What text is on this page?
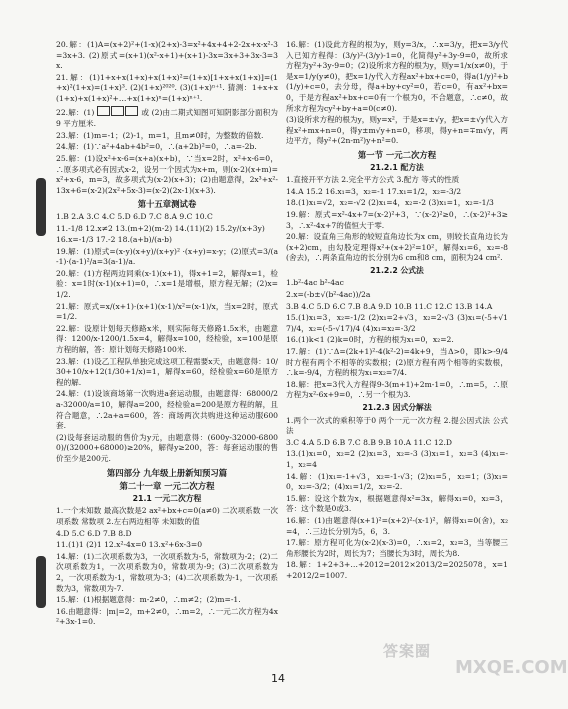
20.解：(1)A=(x+2)²+(1-x)(2+x)-3=x²+4x+4+2-2x+x-x²-3=3x+3. (2)原式=(x+1)(x²-x+1)+(x+1)-3x=3x+3+3x-3=3x.

21.解：(1)1+x+x(1+x)+x(1+x)²=(1+x)[1+x+x(1+x)]=(1+x)²(1+x)=(1+x)³. (2)(1+x)²⁰²⁰. (3)(1+x)ⁿ⁺¹. 猜测：1+x+x(1+x)+x(1+x)²+…+x(1+x)ⁿ=(1+x)ⁿ⁺¹.

22.解：(1)	或 (2)由二期式知图可知阴影部分面积为 9 平方厘米.

23.解：(1)m=-1；(2)-1，m=1，且m≠0时，为整数的倍数.

24.解：(1)∵a²+4ab+4b²=0，∴(a+2b)²=0，∴a=-2b.

25.解：(1)设x²+x-6=(x+a)(x+b)，∵当x=2时，x²+x-6=0，∴原多项式必有因式x-2，设另一个因式为x+m，则(x-2)(x+m)=x²+x-6，m=3，故多项式为(x-2)(x+3)；(2)由题意得，2x³+x²-13x+6=(x-2)(2x²+5x-3)=(x-2)(2x-1)(x+3).

第十五章测试卷

1.B 2.A 3.C 4.C 5.D 6.D 7.C 8.A 9.C 10.C

11.-1/8 12.x≠2 13.(m+2)(m-2) 14.(11)(2) 15.2y/(x+3y)

16.x=-1/3 17.-2 18.(a+b)/(a-b)

19.解：(1)原式=(x-y)(x+y)/(x+y)² ·(x+y)=x-y；(2)原式=3/(a-1)·(a-1)²/a=3(a-1)/a.

20.解：(1)方程两边同乘(x-1)(x+1)，得x+1=2，解得x=1，检验：x=1时(x-1)(x+1)=0，∴x=1是增根，原方程无解；(2)x=1/2.

21.解：原式=x/(x+1)·(x+1)(x-1)/x²=(x-1)/x，当x=2时，原式=1/2.

22.解：设原计划每天修路x米，则实际每天修路1.5x米，由题意得：1200/x-1200/1.5x=4，解得x=100，经检验，x=100是原方程的解，答：原计划每天修路100米.

23.解：(1)设乙工程队单独完成这项工程需要x天，由题意得：10/30+10/x+12(1/30+1/x)=1，解得x=60，经检验x=60是原方程的解.

24.解：(1)设该商场第一次购进a套运动服，由题意得：68000/2a-32000/a=10，解得a=200，经检验a=200是原方程的解，且符合题意，∴2a+a=600，答：商场两次共购进这种运动服600套.

(2)设每套运动服的售价为y元，由题意得：(600y-32000-68000)/(32000+68000)≥20%，解得y≥200，答：每套运动服的售价至少是200元.

第四部分 九年级上册新知预习篇
第二十一章 一元二次方程
21.1 一元二次方程

1.一个未知数 最高次数是2 ax²+bx+c=0(a≠0) 二次项系数 一次项系数 常数项 2.左右两边相等 未知数的值

4.D 5.C 6.D 7.B 8.D

11.(1)1 (2)1 12.x²-4x=0 13.x²+6x-3=0

14.解：(1)二次项系数为3，一次项系数为-5，常数项为-2；(2)二次项系数为1，一次项系数为0，常数项为-9；(3)二次项系数为2，一次项系数为-1，常数项为-3；(4)二次项系数为-1，一次项系数为3，常数项为-7.

15.解：(1)根据题意得：m-2≠0，∴m≠2；(2)m=-1.

16.由题意得：|m|=2，m+2≠0，∴m=2，∴一元二次方程为4x²+3x-1=0.

16.解：(1)设此方程的根为y，则y=3/x，∴x=3/y，把x=3/y代入已知方程得：(3/y)²-(3/y)-1=0，化简得y²+3y-9=0，故所求方程为y²+3y-9=0；(2)设所求方程的根为y，则y=1/x(x≠0)，于是x=1/y(y≠0)，把x=1/y代入方程ax²+bx+c=0，得a(1/y)²+b(1/y)+c=0，去分母，得a+by+cy²=0，若c=0，有ax²+bx=0，于是方程ax²+bx+c=0有一个根为0，不合题意，∴c≠0，故所求方程为cy²+by+a=0(c≠0).

(3)设所求方程的根为y，则y=x²，于是x=±√y，把x=±√y代入方程x²+mx+n=0，得y±m√y+n=0，移项，得y+n=∓m√y，两边平方，得y²+(2n-m²)y+n²=0.

第一节 一元二次方程
21.2.1 配方法

1.直接开平方法 2.完全平方公式 3.配方 等式的性质

14.A 15.2 16.x₁=3，x₂=-1 17.x₁=1/2，x₂=-3/2

18.(1)x₁=√2，x₂=-√2 (2)x₁=4，x₂=-2 (3)x₁=1，x₂=-1/3

19.解：原式=x²-4x+7=(x-2)²+3，∵(x-2)²≥0，∴(x-2)²+3≥3，∴x²-4x+7的值恒大于零.

20.解：设直角三角形的较短直角边长为x cm，则较长直角边长为(x+2)cm，由勾股定理得x²+(x+2)²=10²，解得x₁=6，x₂=-8(舍去)，∴两条直角边的长分别为6 cm和8 cm，面积为24 cm².

21.2.2 公式法

1.b²-4ac b²-4ac

2.x=(-b±√(b²-4ac))/2a

3.B 4.C 5.D 6.C 7.B 8.A 9.D 10.B 11.C 12.C 13.B 14.A

15.(1)x₁=3，x₂=-1/2 (2)x₁=2+√3，x₂=2-√3 (3)x₁=(-5+√17)/4，x₂=(-5-√17)/4 (4)x₁=x₂=-3/2

16.(1)k<1 (2)k=0时，方程的根为x₁=0，x₂=2.

17.解：(1)∵Δ=(2k+1)²-4(k²-2)=4k+9，当Δ>0，即k>-9/4时方程有两个不相等的实数根；(2)原方程有两个相等的实数根，∴k=-9/4，方程的根为x₁=x₂=7/4.

18.解：把x=3代入方程得9-3(m+1)+2m-1=0，∴m=5，∴原方程为x²-6x+9=0，∴另一个根为3.

21.2.3 因式分解法

1.两个一次式的乘积等于0 两个一元一次方程 2.提公因式法 公式法

3.C 4.A 5.D 6.B 7.C 8.B 9.B 10.A 11.C 12.D

13.(1)x₁=0，x₂=2 (2)x₁=3，x₂=-3 (3)x₁=1，x₂=3 (4)x₁=-1，x₂=4

14.解：(1)x₁=-1+√3，x₂=-1-√3；(2)x₁=5，x₂=1；(3)x₁=0，x₂=-3/2；(4)x₁=1/2，x₂=-2.

15.解：设这个数为x，根据题意得x²=3x，解得x₁=0，x₂=3，答：这个数是0或3.

16.解：(1)由题意得(x+1)²=(x+2)²-(x-1)²，解得x₁=0(舍)，x₂=4，∴三边长分别为5，6，3.

17.解：原方程可化为(x-2)(x-3)=0，∴x₁=2，x₂=3，当等腰三角形腰长为2时，周长为7；当腰长为3时，周长为8.

18.解：1+2+3+…+2012=2012×2013/2=2025078，x=1+2012/2=1007.

答案圈
MXQE.COM
14
